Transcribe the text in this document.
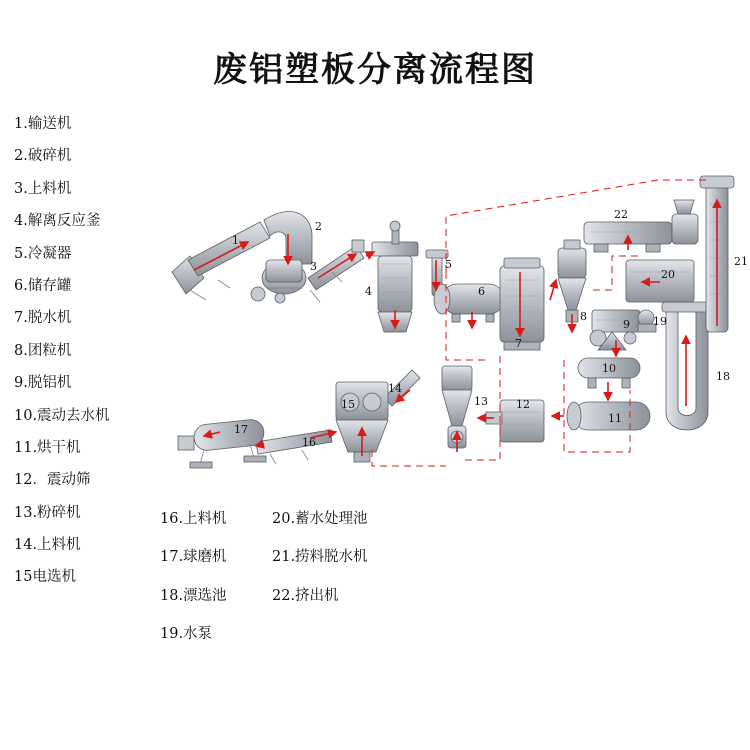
废铝塑板分离流程图
1.输送机
2.破碎机
3.上料机
4.解离反应釜
5.冷凝器
6.储存罐
7.脱水机
8.团粒机
9.脱铝机
10.震动去水机
11.烘干机
12．震动筛
13.粉碎机
14.上料机
15电选机
16.上料机
17.球磨机
18.漂选池
19.水泵
20.蓄水处理池
21.捞料脱水机
22.挤出机
1
2
3
4
5
6
7
8
9
10
11
12
13
14
15
16
17
18
19
20
21
22
